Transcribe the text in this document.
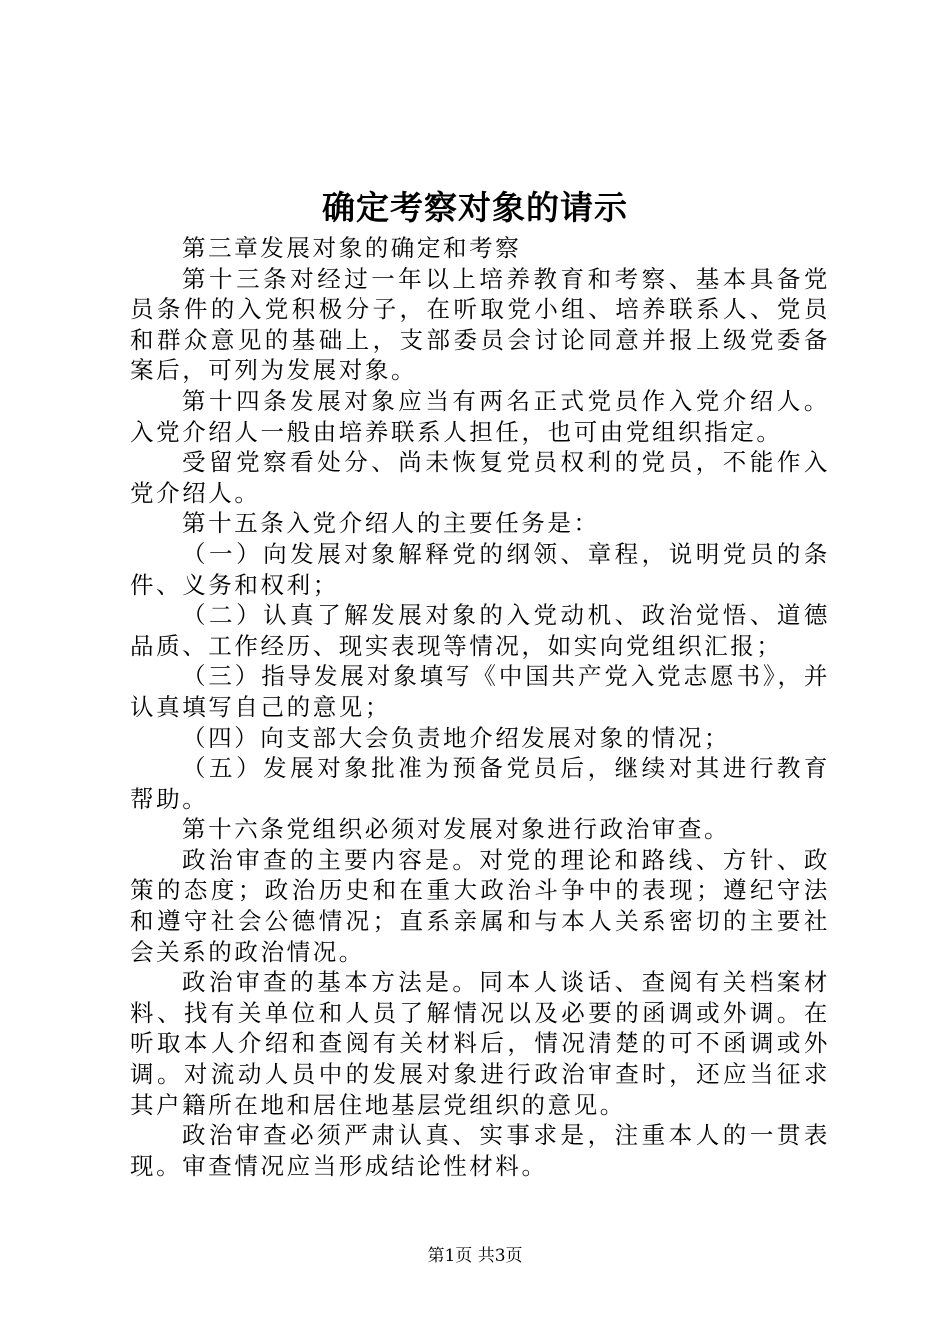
确定考察对象的请示

第三章发展对象的确定和考察

第十三条对经过一年以上培养教育和考察、基本具备党员条件的入党积极分子，在听取党小组、培养联系人、党员和群众意见的基础上，支部委员会讨论同意并报上级党委备案后，可列为发展对象。

第十四条发展对象应当有两名正式党员作入党介绍人。入党介绍人一般由培养联系人担任，也可由党组织指定。

受留党察看处分、尚未恢复党员权利的党员，不能作入党介绍人。

第十五条入党介绍人的主要任务是：

（一）向发展对象解释党的纲领、章程，说明党员的条件、义务和权利；

（二）认真了解发展对象的入党动机、政治觉悟、道德品质、工作经历、现实表现等情况，如实向党组织汇报；

（三）指导发展对象填写《中国共产党入党志愿书》，并认真填写自己的意见；

（四）向支部大会负责地介绍发展对象的情况；

（五）发展对象批准为预备党员后，继续对其进行教育帮助。

第十六条党组织必须对发展对象进行政治审查。

政治审查的主要内容是。对党的理论和路线、方针、政策的态度；政治历史和在重大政治斗争中的表现；遵纪守法和遵守社会公德情况；直系亲属和与本人关系密切的主要社会关系的政治情况。

政治审查的基本方法是。同本人谈话、查阅有关档案材料、找有关单位和人员了解情况以及必要的函调或外调。在听取本人介绍和查阅有关材料后，情况清楚的可不函调或外调。对流动人员中的发展对象进行政治审查时，还应当征求其户籍所在地和居住地基层党组织的意见。

政治审查必须严肃认真、实事求是，注重本人的一贯表现。审查情况应当形成结论性材料。

第1页 共3页
